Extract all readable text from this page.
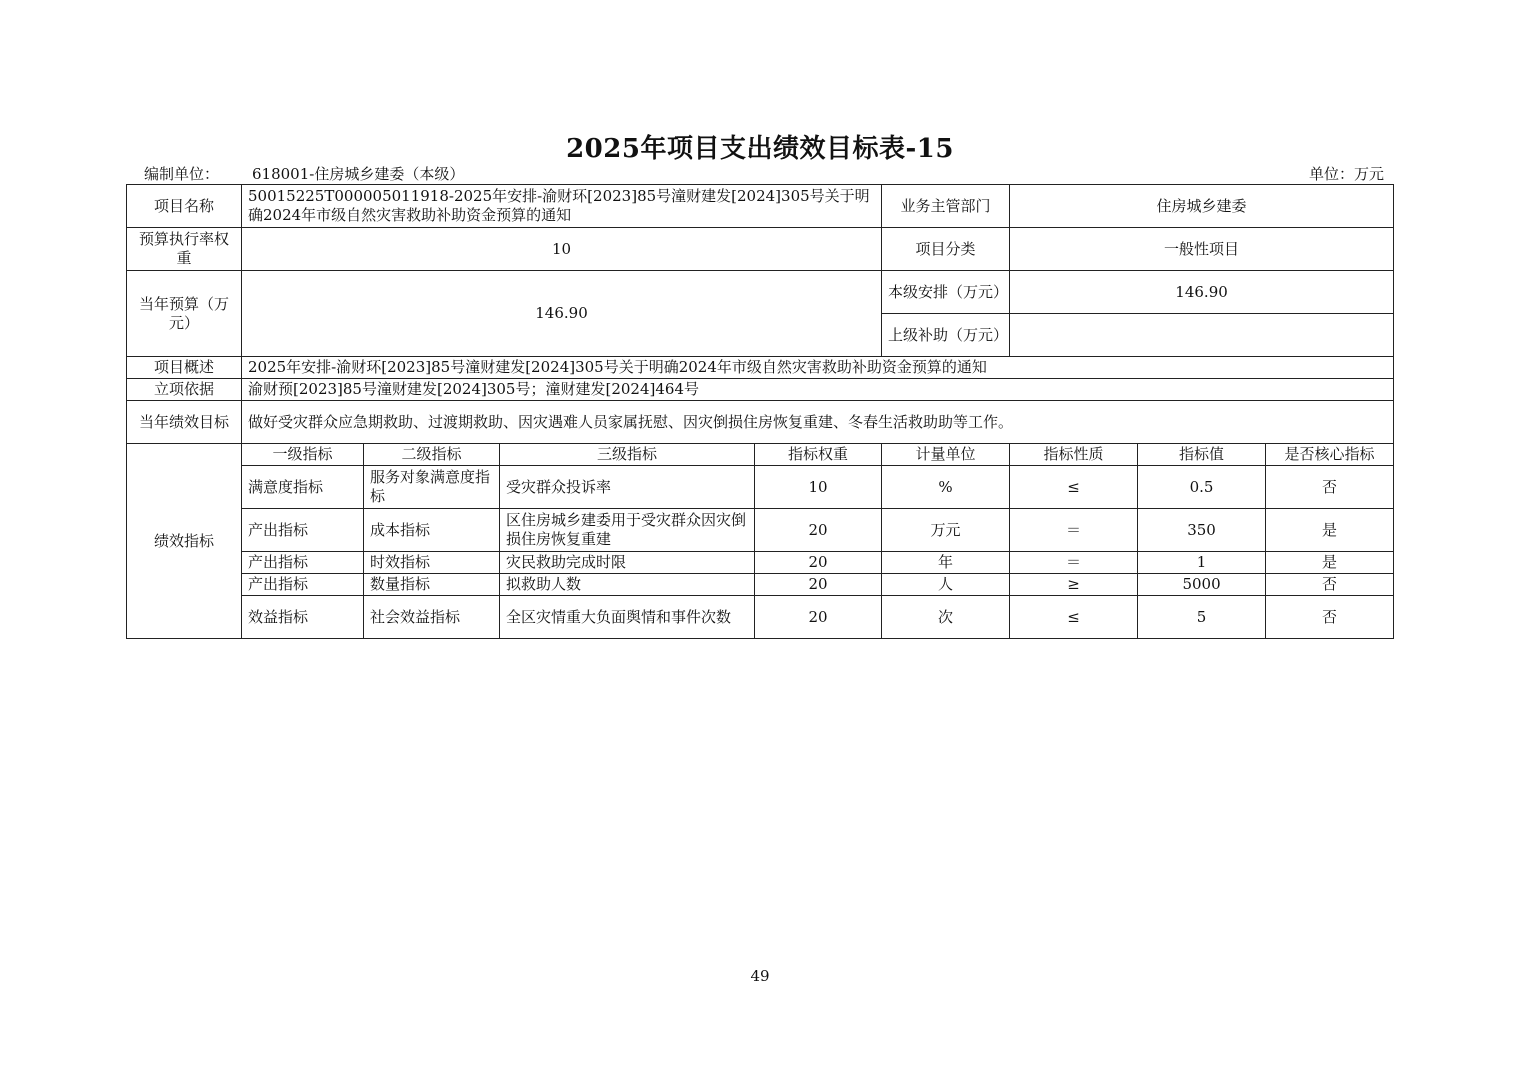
2025年项目支出绩效目标表-15
编制单位： 618001-住房城乡建委（本级）	单位：万元
项目名称	50015225T000005011918-2025年安排-渝财环[2023]85号潼财建发[2024]305号关于明确2024年市级自然灾害救助补助资金预算的通知				业务主管部门	住房城乡建委		
预算执行率权重	10				项目分类	一般性项目		
当年预算（万元）	146.90				本级安排（万元）	146.90		
					上级补助（万元）			
项目概述	2025年安排-渝财环[2023]85号潼财建发[2024]305号关于明确2024年市级自然灾害救助补助资金预算的通知							
立项依据	渝财预[2023]85号潼财建发[2024]305号；潼财建发[2024]464号							
当年绩效目标	做好受灾群众应急期救助、过渡期救助、因灾遇难人员家属抚慰、因灾倒损住房恢复重建、冬春生活救助助等工作。							
绩效指标	一级指标	二级指标	三级指标	指标权重	计量单位	指标性质	指标值	是否核心指标
	满意度指标	服务对象满意度指标	受灾群众投诉率	10	%	≤	0.5	否
	产出指标	成本指标	区住房城乡建委用于受灾群众因灾倒损住房恢复重建	20	万元	＝	350	是
	产出指标	时效指标	灾民救助完成时限	20	年	＝	1	是
	产出指标	数量指标	拟救助人数	20	人	≥	5000	否
	效益指标	社会效益指标	全区灾情重大负面舆情和事件次数	20	次	≤	5	否
49
